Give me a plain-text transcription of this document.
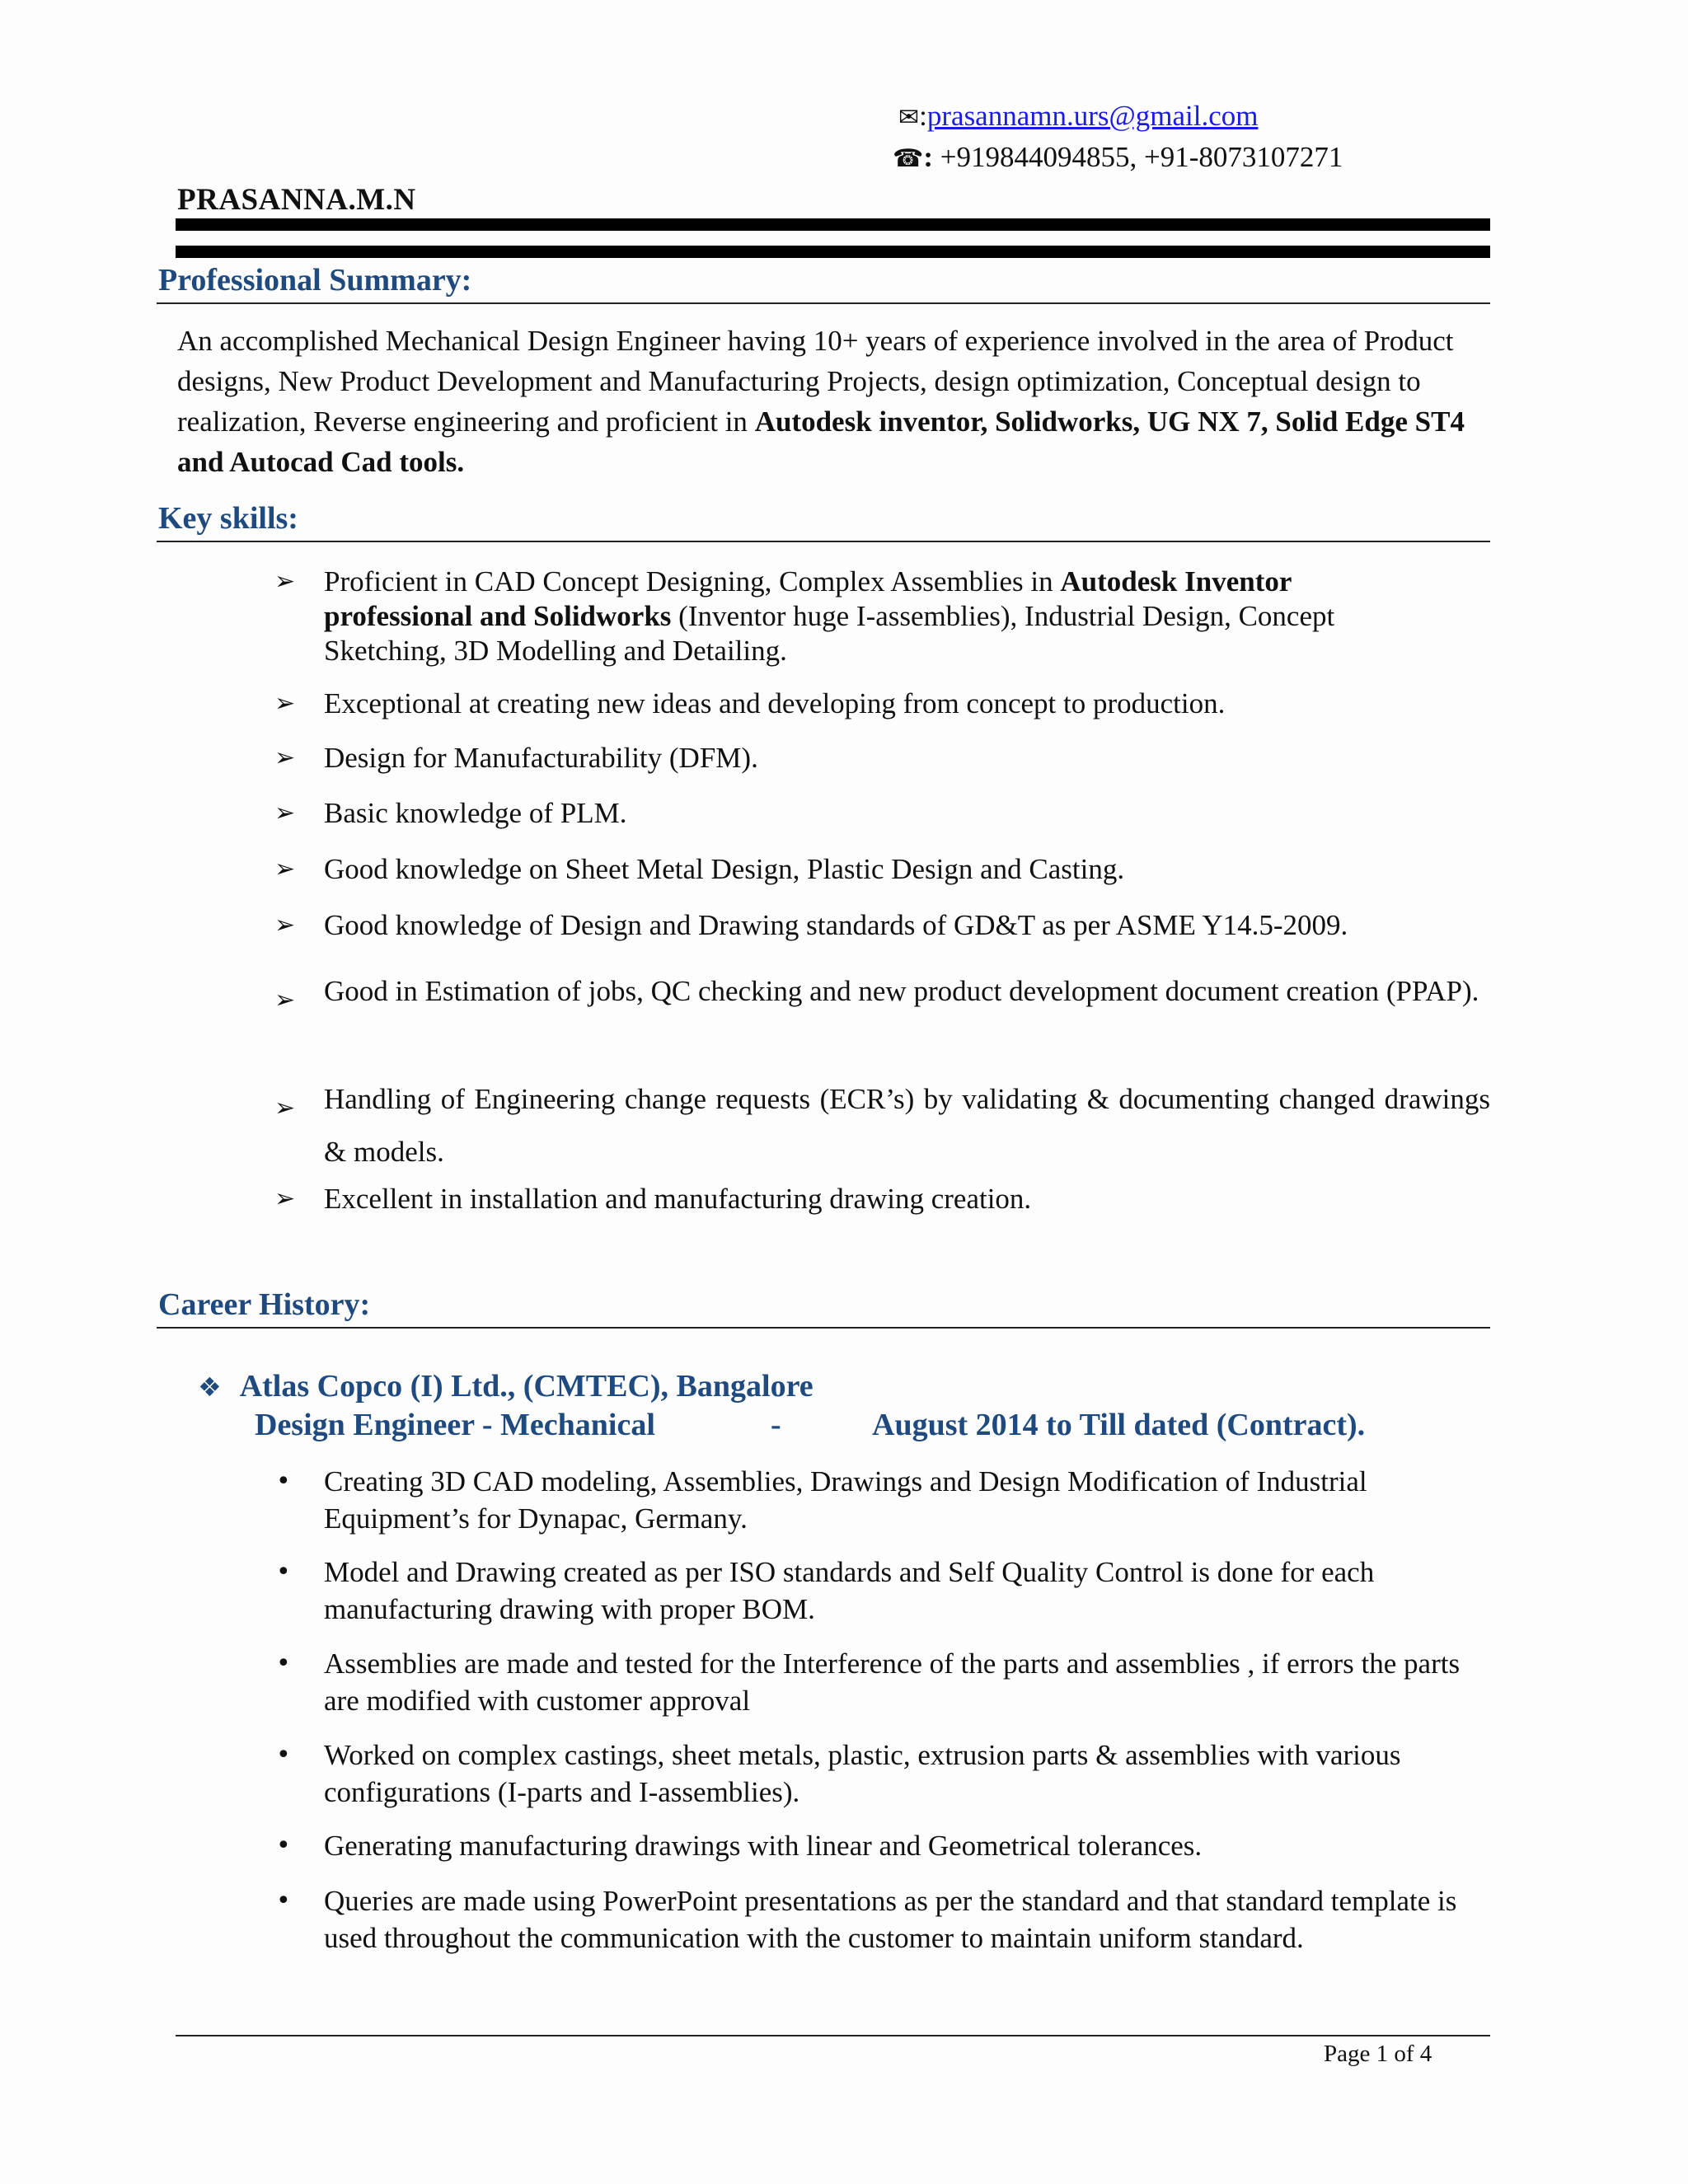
✉:prasannamn.urs@gmail.com
☎: +919844094855, +91-8073107271
PRASANNA.M.N
Professional Summary:
An accomplished Mechanical Design Engineer having 10+ years of experience involved in the area of Product designs, New Product Development and Manufacturing Projects, design optimization, Conceptual design to realization, Reverse engineering and proficient in Autodesk inventor, Solidworks, UG NX 7, Solid Edge ST4 and Autocad Cad tools.
Key skills:
➢ Proficient in CAD Concept Designing, Complex Assemblies in Autodesk Inventor professional and Solidworks (Inventor huge I-assemblies), Industrial Design, Concept Sketching, 3D Modelling and Detailing.
➢ Exceptional at creating new ideas and developing from concept to production.
➢ Design for Manufacturability (DFM).
➢ Basic knowledge of PLM.
➢ Good knowledge on Sheet Metal Design, Plastic Design and Casting.
➢ Good knowledge of Design and Drawing standards of GD&T as per ASME Y14.5-2009.
➢ Good in Estimation of jobs, QC checking and new product development document creation (PPAP).
➢ Handling of Engineering change requests (ECR’s) by validating & documenting changed drawings & models.
➢ Excellent in installation and manufacturing drawing creation.
Career History:
❖ Atlas Copco (I) Ltd., (CMTEC), Bangalore
Design Engineer - Mechanical	-	August 2014 to Till dated (Contract).
• Creating 3D CAD modeling, Assemblies, Drawings and Design Modification of Industrial Equipment’s for Dynapac, Germany.
• Model and Drawing created as per ISO standards and Self Quality Control is done for each manufacturing drawing with proper BOM.
• Assemblies are made and tested for the Interference of the parts and assemblies , if errors the parts are modified with customer approval
• Worked on complex castings, sheet metals, plastic, extrusion parts & assemblies with various configurations (I-parts and I-assemblies).
• Generating manufacturing drawings with linear and Geometrical tolerances.
• Queries are made using PowerPoint presentations as per the standard and that standard template is used throughout the communication with the customer to maintain uniform standard.
Page 1 of 4
